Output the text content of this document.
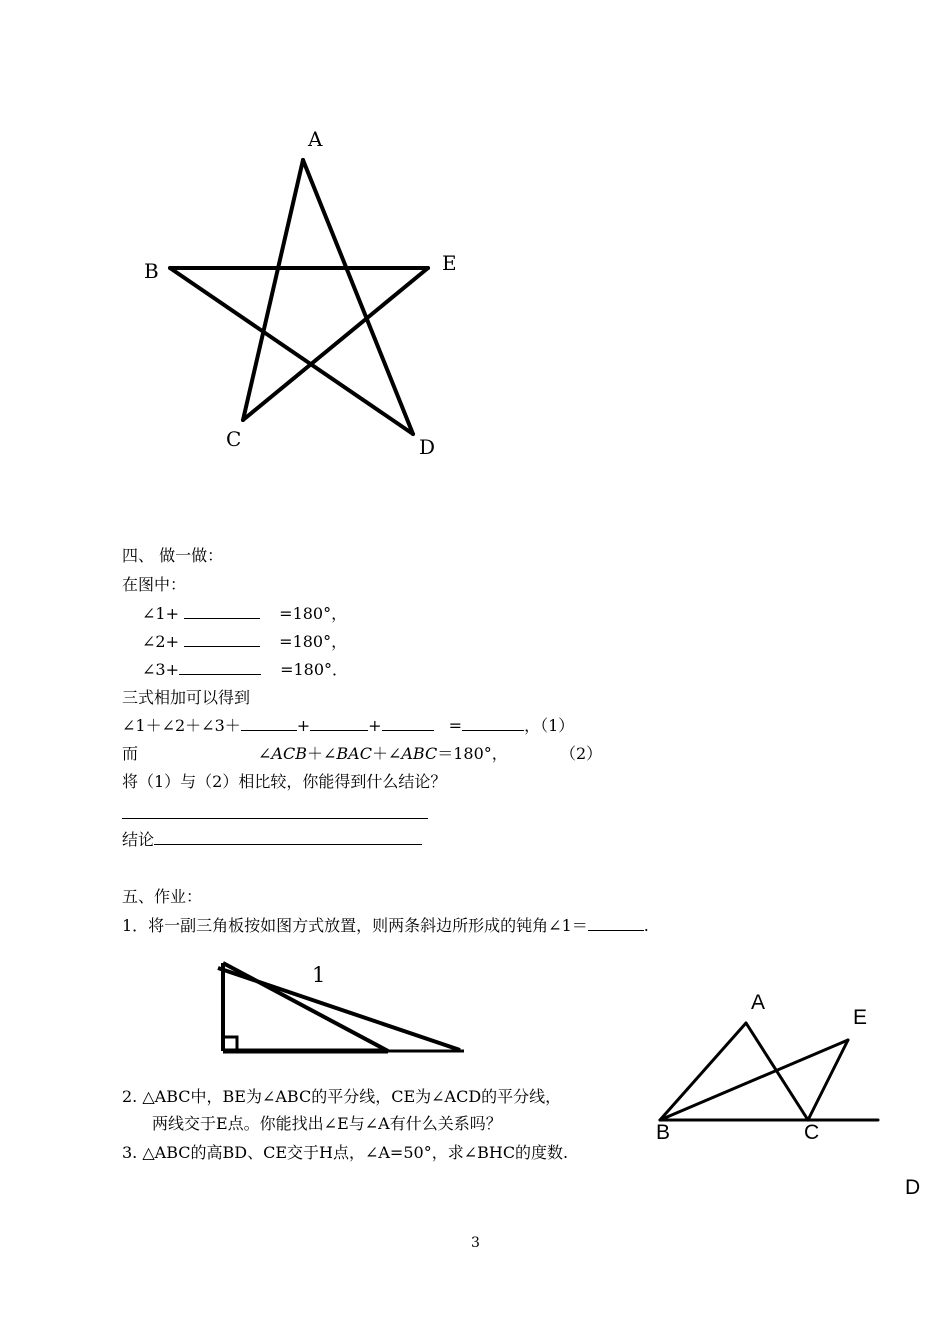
A
B	E
C	D
四、 做一做：
在图中：
∠1+	=180°，
∠2+	=180°，
∠3+	=180°．
三式相加可以得到
∠1＋∠2＋∠3＋	+	+	=	，（1）
而	∠ACB＋∠BAC＋∠ABC＝180°，	（2）
将（1）与（2）相比较，你能得到什么结论？
结论
五、作业：
1．将一副三角板按如图方式放置，则两条斜边所形成的钝角∠1＝	.
1
2. △ABC中，BE为∠ABC的平分线，CE为∠ACD的平分线，
两线交于E点。你能找出∠E与∠A有什么关系吗？
3. △ABC的高BD、CE交于H点，∠A=50°，求∠BHC的度数.
A
E
B	C
D
3
